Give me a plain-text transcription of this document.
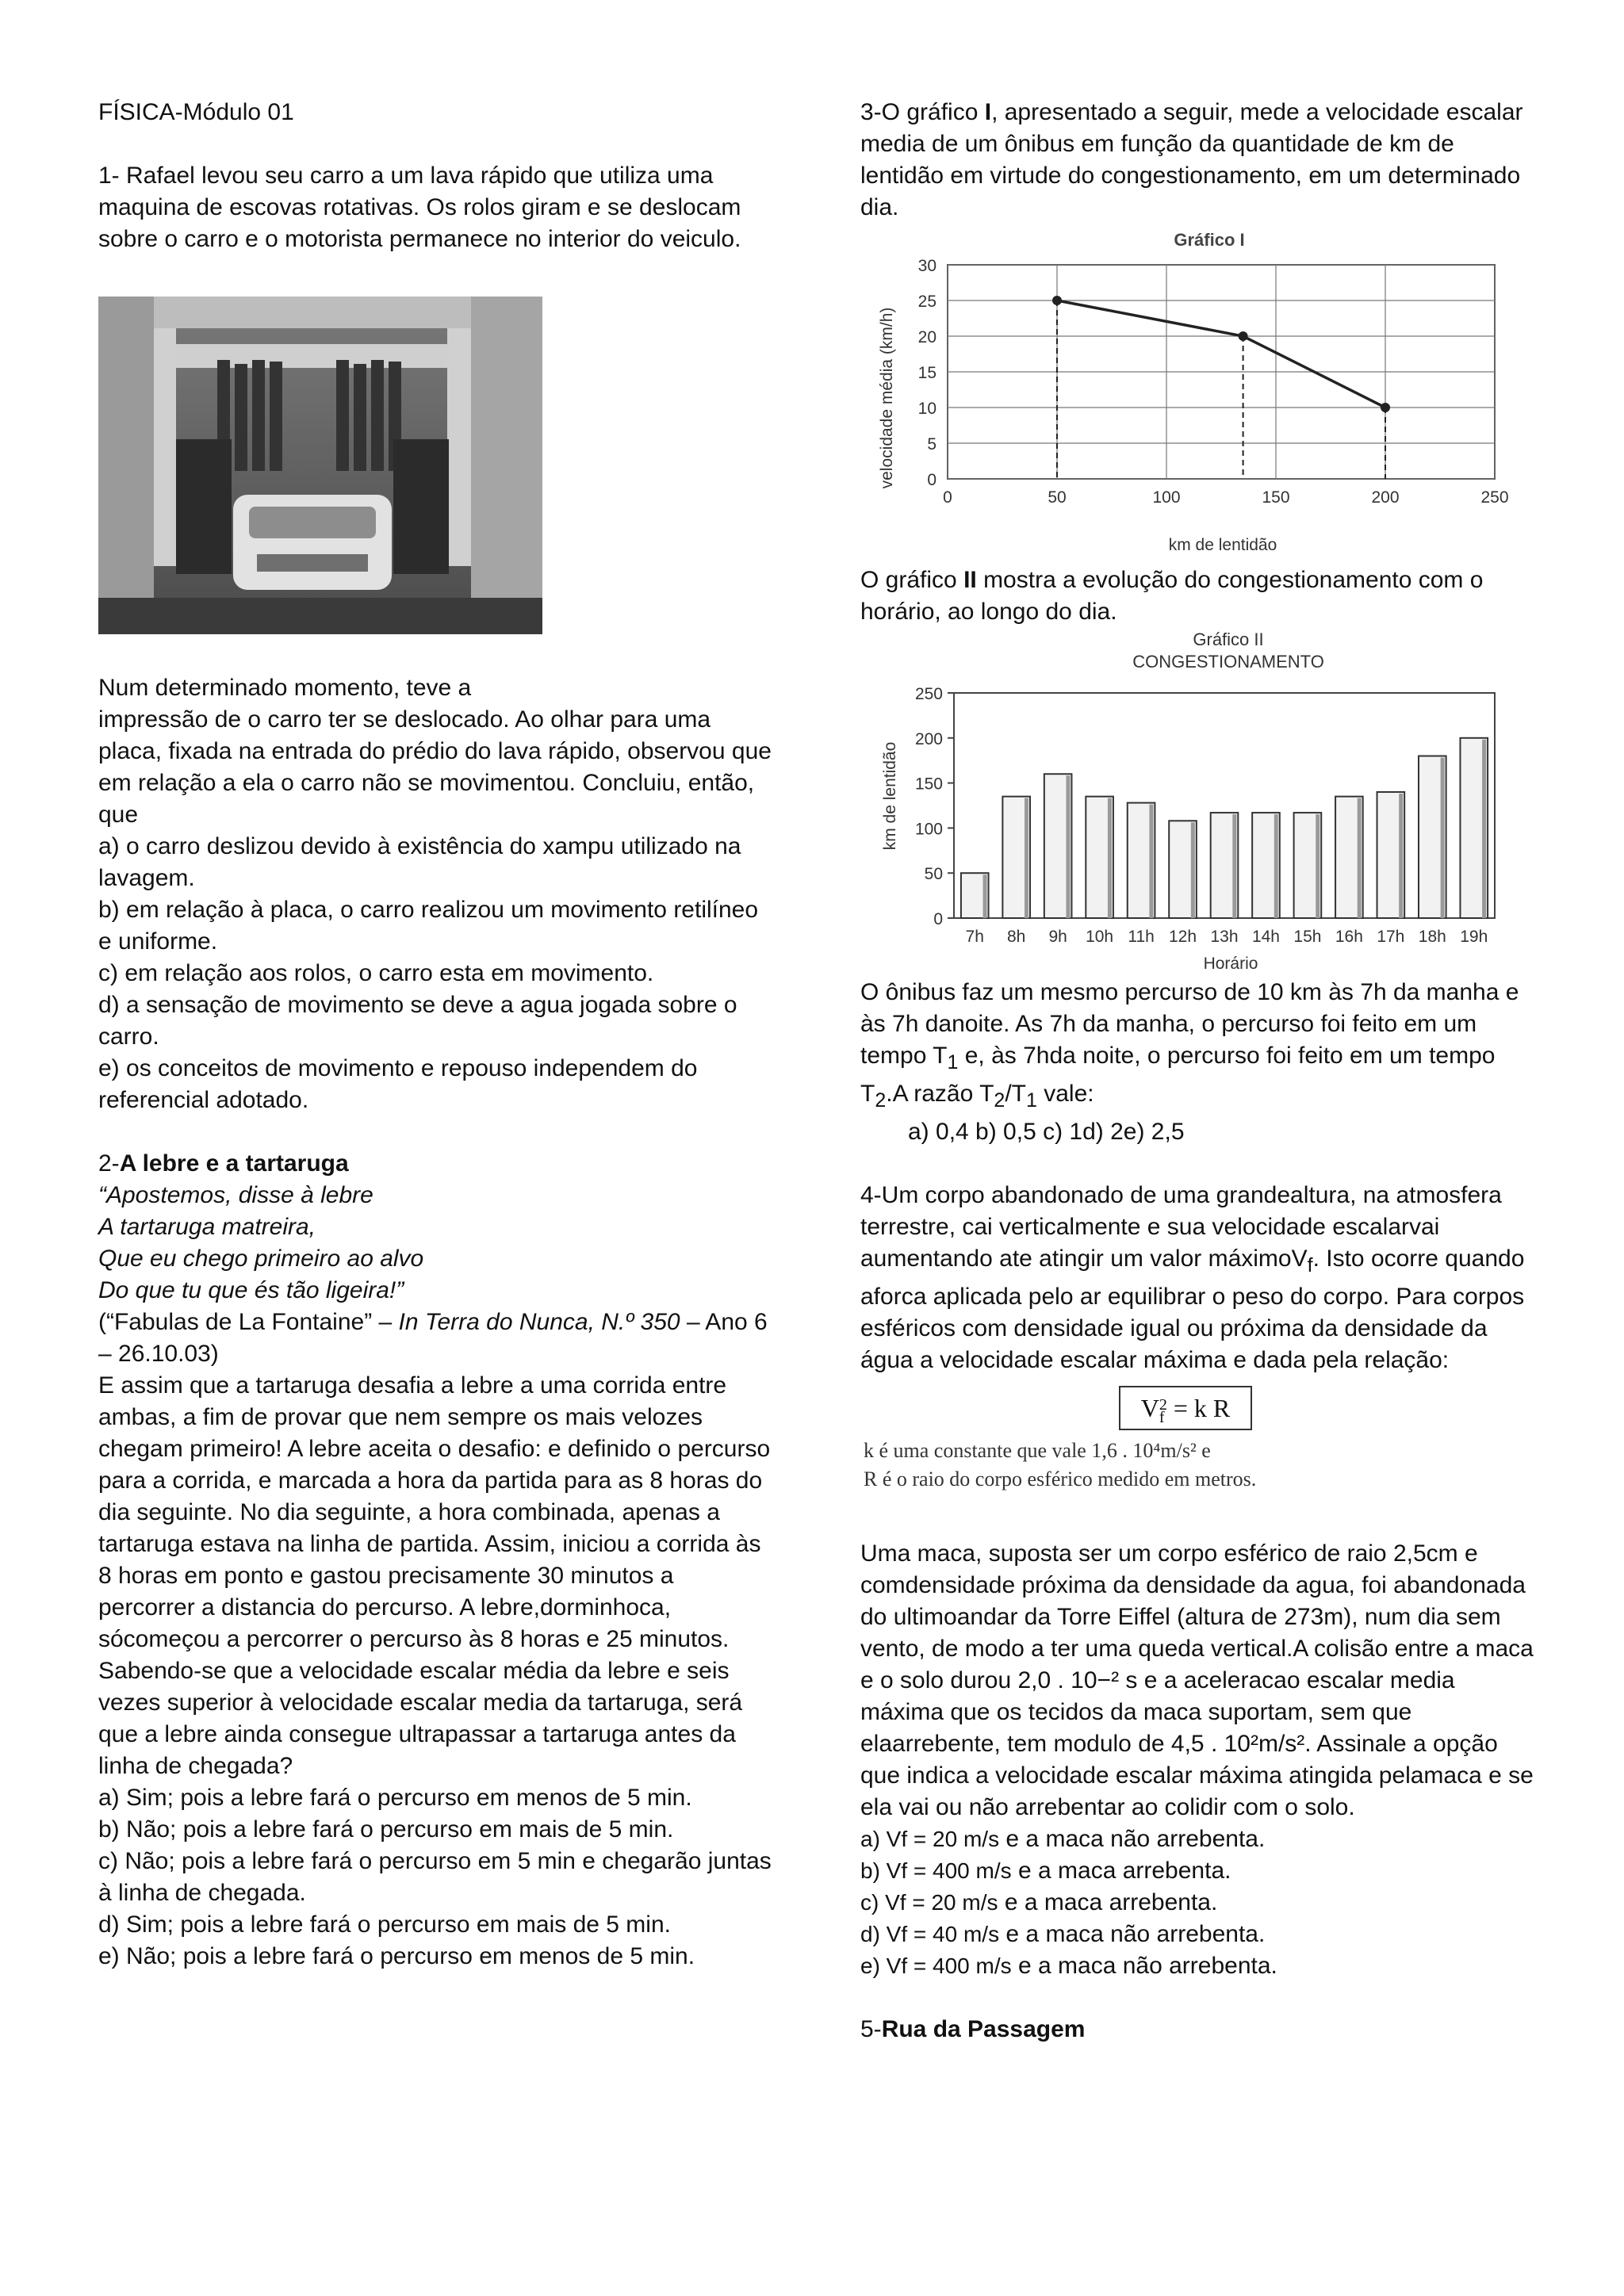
FÍSICA-Módulo 01

1- Rafael levou seu carro a um lava rápido que utiliza uma maquina de escovas rotativas. Os rolos giram e se deslocam sobre o carro e o motorista permanece no interior do veiculo.

Num determinado momento, teve a

impressão de o carro ter se deslocado. Ao olhar para uma placa, fixada na entrada do prédio do lava rápido, observou que em relação a ela o carro não se movimentou. Concluiu, então, que

a) o carro deslizou devido à existência do xampu utilizado na lavagem.

b) em relação à placa, o carro realizou um movimento retilíneo e uniforme.

c) em relação aos rolos, o carro esta em movimento.

d) a sensação de movimento se deve a agua jogada sobre o carro.

e) os conceitos de movimento e repouso independem do referencial adotado.

2-A lebre e a tartaruga

“Apostemos, disse à lebre

A tartaruga matreira,

Que eu chego primeiro ao alvo

Do que tu que és tão ligeira!”

(“Fabulas de La Fontaine” – In Terra do Nunca, N.º 350 – Ano 6 – 26.10.03)

E assim que a tartaruga desafia a lebre a uma corrida entre ambas, a fim de provar que nem sempre os mais velozes chegam primeiro! A lebre aceita o desafio: e definido o percurso para a corrida, e marcada a hora da partida para as 8 horas do dia seguinte. No dia seguinte, a hora combinada, apenas a tartaruga estava na linha de partida. Assim, iniciou a corrida às 8 horas em ponto e gastou precisamente 30 minutos a percorrer a distancia do percurso. A lebre,dorminhoca, sócomeçou a percorrer o percurso às 8 horas e 25 minutos. Sabendo-se que a velocidade escalar média da lebre e seis vezes superior à velocidade escalar media da tartaruga, será que a lebre ainda consegue ultrapassar a tartaruga antes da linha de chegada?

a) Sim; pois a lebre fará o percurso em menos de 5 min.

b) Não; pois a lebre fará o percurso em mais de 5 min.

c) Não; pois a lebre fará o percurso em 5 min e chegarão juntas à linha de chegada.

d) Sim; pois a lebre fará o percurso em mais de 5 min.

e) Não; pois a lebre fará o percurso em menos de 5 min.

3-O gráfico I, apresentado a seguir, mede a velocidade escalar media de um ônibus em função da quantidade de km de lentidão em virtude do congestionamento, em um determinado dia.

Gráfico I
velocidade média (km/h)
km de lentidão
0
5
10
15
20
25
30
0	50	100	150	200	250

O gráfico II mostra a evolução do congestionamento com o horário, ao longo do dia.

Gráfico II
CONGESTIONAMENTO
km de lentidão
Horário
0
50
100
150
200
250
7h 8h 9h 10h 11h 12h 13h 14h 15h 16h 17h 18h 19h

O ônibus faz um mesmo percurso de 10 km às 7h da manha e às 7h danoite. As 7h da manha, o percurso foi feito em um tempo $T_1$ e, às 7hda noite, o percurso foi feito em um tempo $T_2.A$ razão $T_2/T_1$ vale:

a) 0,4 b) 0,5 c) 1d) 2e) 2,5

4-Um corpo abandonado de uma grandealtura, na atmosfera terrestre, cai verticalmente e sua velocidade escalarvai aumentando ate atingir um valor máximoV$_f$. Isto ocorre quando aforca aplicada pelo ar equilibrar o peso do corpo. Para corpos esféricos com densidade igual ou próxima da densidade da

água a velocidade escalar máxima e dada pela relação:

V 2
f = k R

k é uma constante que vale 1,6 . 10⁴m/s² e

R é o raio do corpo esférico medido em metros.

Uma maca, suposta ser um corpo esférico de raio 2,5cm e comdensidade próxima da densidade da agua, foi abandonada do ultimoandar da Torre Eiffel (altura de 273m), num dia sem vento, de modo a ter uma queda vertical.A colisão entre a maca e o solo durou 2,0 . 10−² s e a aceleracao escalar media máxima que os tecidos da maca suportam, sem que elaarrebente, tem modulo de 4,5 . 10²m/s². Assinale a opção que indica a velocidade escalar máxima atingida pelamaca e se ela vai ou não arrebentar ao colidir com o solo.

a) Vf = 20 m/s e a maca não arrebenta.

b) Vf = 400 m/s e a maca arrebenta.

c) Vf = 20 m/s e a maca arrebenta.

d) Vf = 40 m/s e a maca não arrebenta.

e) Vf = 400 m/s e a maca não arrebenta.

5-Rua da Passagem
